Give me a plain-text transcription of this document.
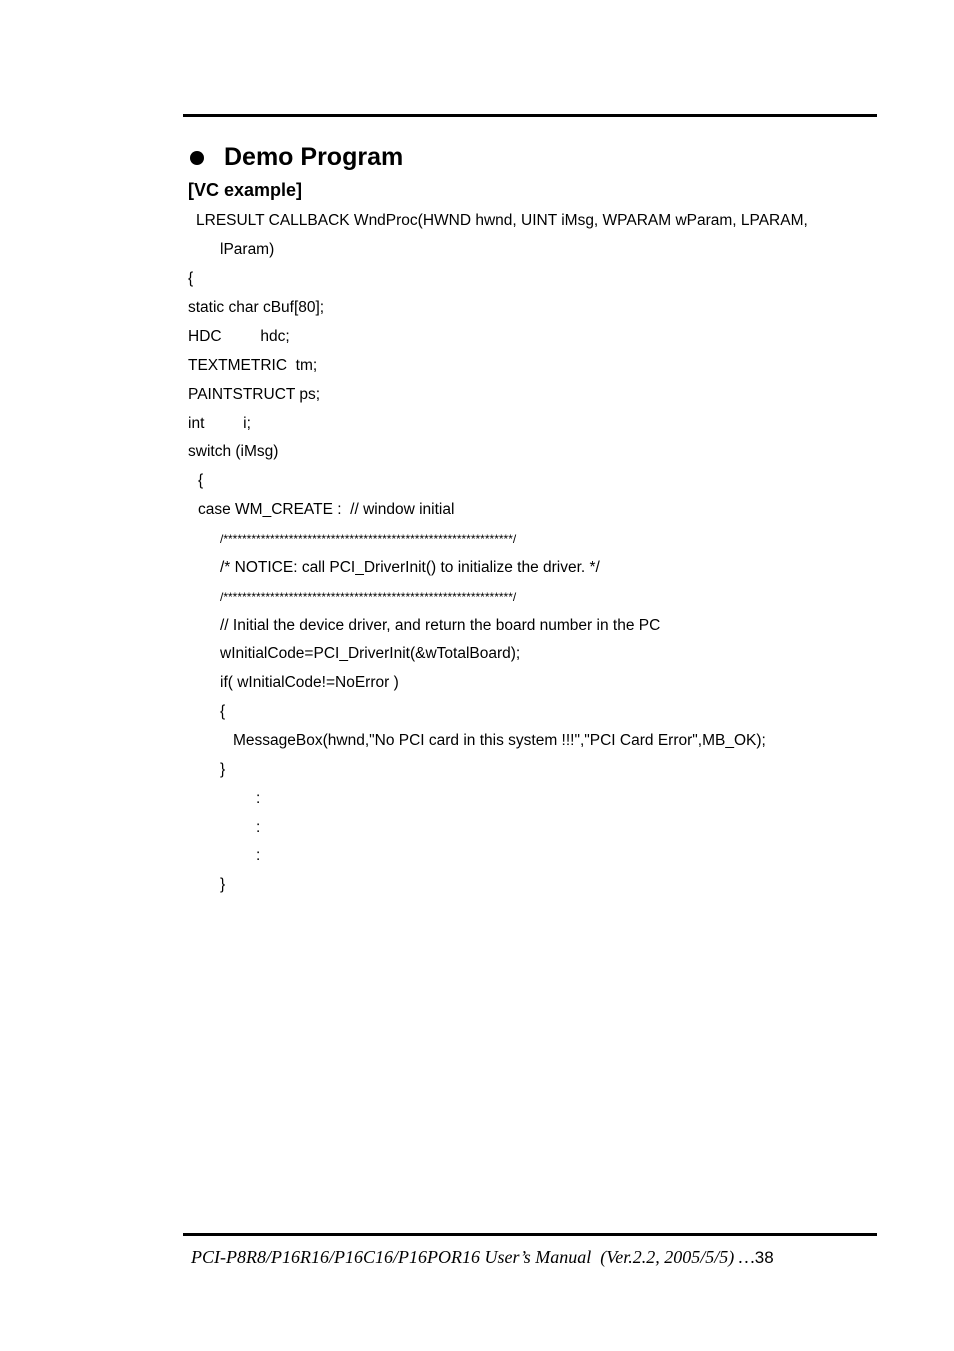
Demo Program
[VC example]
LRESULT CALLBACK WndProc(HWND hwnd, UINT iMsg, WPARAM wParam, LPARAM,
lParam)
{
static char cBuf[80];
HDC         hdc;
TEXTMETRIC  tm;
PAINTSTRUCT ps;
int         i;
switch (iMsg)
{
case WM_CREATE :  // window initial
/**************************************************************/
/* NOTICE: call PCI_DriverInit() to initialize the driver. */
/**************************************************************/
// Initial the device driver, and return the board number in the PC
wInitialCode=PCI_DriverInit(&wTotalBoard);
if( wInitialCode!=NoError )
{
MessageBox(hwnd,"No PCI card in this system !!!","PCI Card Error",MB_OK);
}
:
:
:
}
PCI-P8R8/P16R16/P16C16/P16POR16 User’s Manual  (Ver.2.2, 2005/5/5) …38
